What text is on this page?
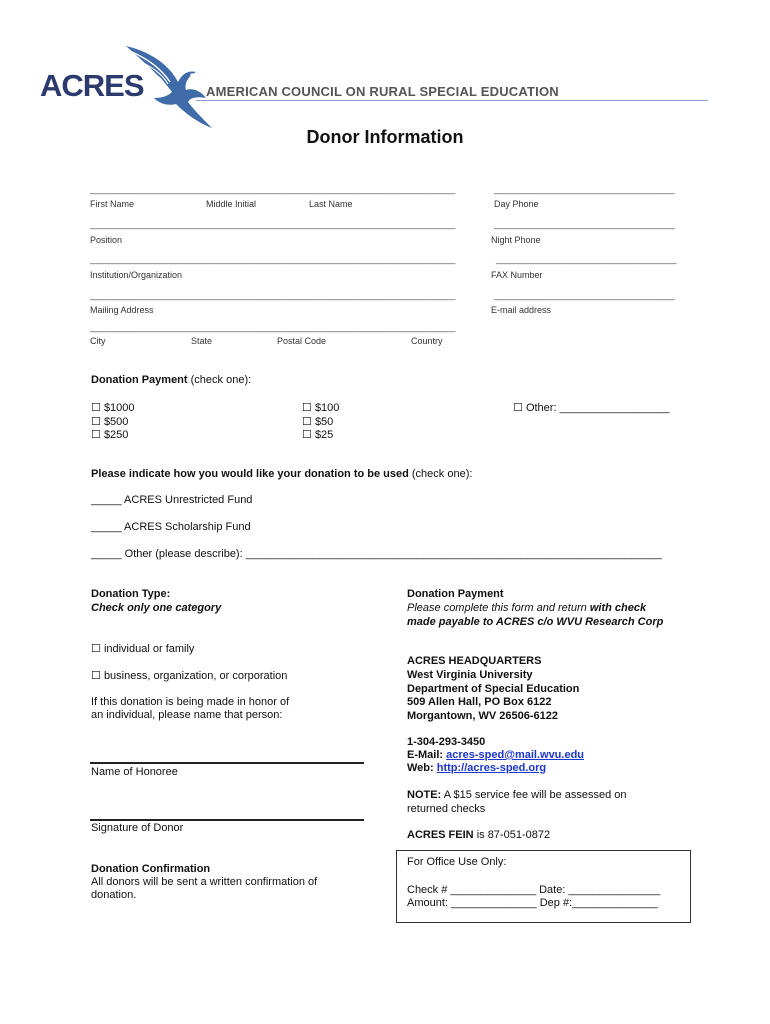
ACRES	AMERICAN COUNCIL ON RURAL SPECIAL EDUCATION
Donor Information
_________________________________________________________________________________	________________________________________
First Name	Middle Initial	Last Name	Day Phone
_________________________________________________________________________________	________________________________________
Position	Night Phone
_________________________________________________________________________________	________________________________________
Institution/Organization	FAX Number
_________________________________________________________________________________	________________________________________
Mailing Address	E-mail address
_________________________________________________________________________________
City	State	Postal Code	Country
Donation Payment (check one):
☐ $1000
☐ $500
☐ $250
☐ $100
☐ $50
☐ $25
☐ Other: __________________
Please indicate how you would like your donation to be used (check one):
_____ ACRES Unrestricted Fund
_____ ACRES Scholarship Fund
_____ Other (please describe): ____________________________________________________________________
Donation Type:
Check only one category
☐ individual or family
☐ business, organization, or corporation
If this donation is being made in honor of
an individual, please name that person:
Name of Honoree
Signature of Donor
Donation Confirmation
All donors will be sent a written confirmation of
donation.
Donation Payment
Please complete this form and return with check
made payable to ACRES c/o WVU Research Corp
ACRES HEADQUARTERS
West Virginia University
Department of Special Education
509 Allen Hall, PO Box 6122
Morgantown, WV 26506-6122
1-304-293-3450
E-Mail: acres-sped@mail.wvu.edu
Web: http://acres-sped.org
NOTE: A $15 service fee will be assessed on
returned checks
ACRES FEIN is 87-051-0872
For Office Use Only:
Check # ______________ Date: _______________
Amount: ______________ Dep #:______________
